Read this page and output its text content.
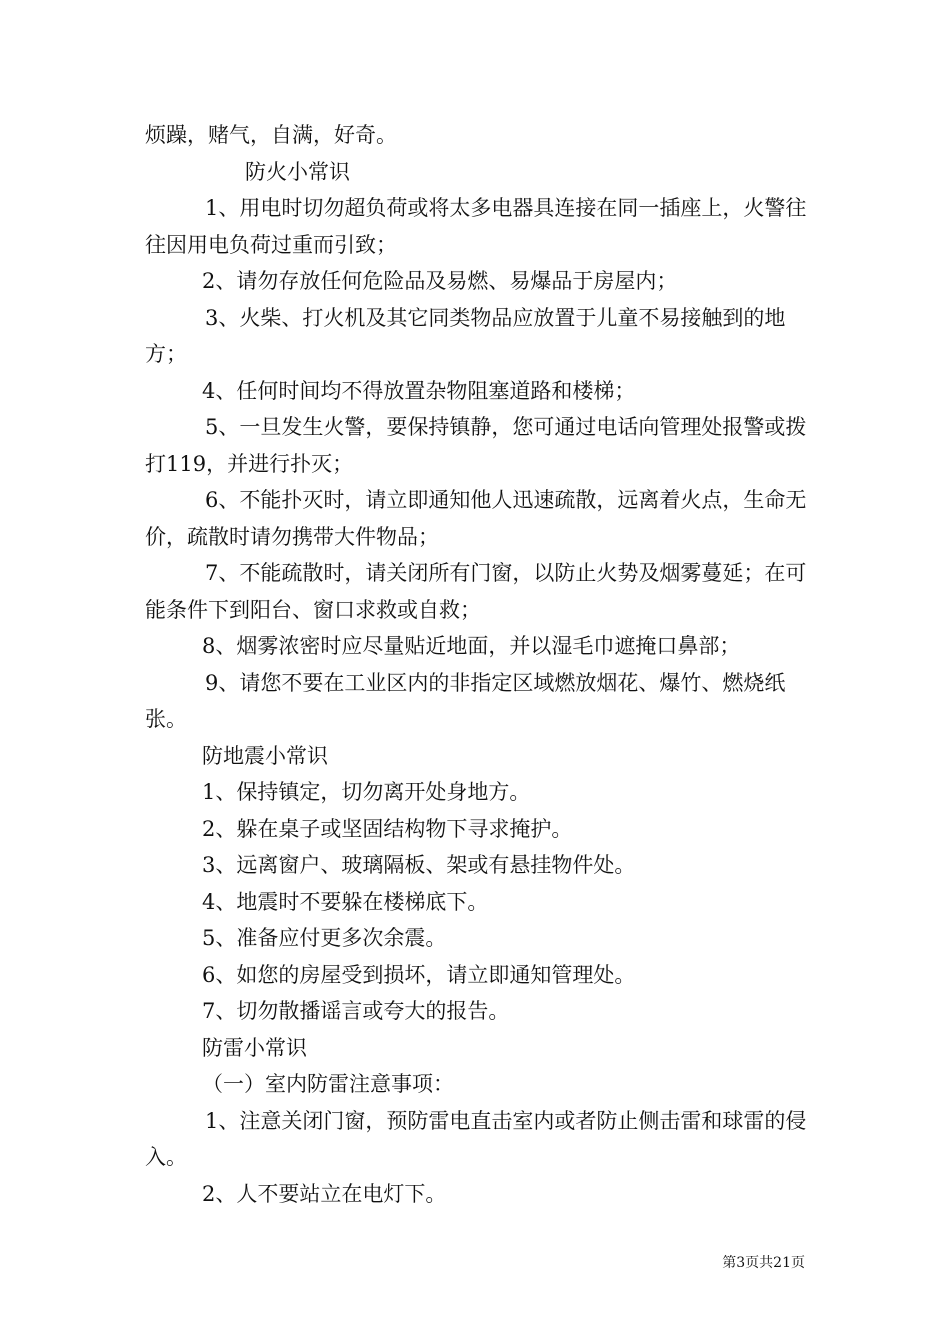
烦躁，赌气，自满，好奇。

防火小常识

1、用电时切勿超负荷或将太多电器具连接在同一插座上，火警往往因用电负荷过重而引致；

2、请勿存放任何危险品及易燃、易爆品于房屋内；

3、火柴、打火机及其它同类物品应放置于儿童不易接触到的地方；

4、任何时间均不得放置杂物阻塞道路和楼梯；

5、一旦发生火警，要保持镇静，您可通过电话向管理处报警或拨打119，并进行扑灭；

6、不能扑灭时，请立即通知他人迅速疏散，远离着火点，生命无价，疏散时请勿携带大件物品；

7、不能疏散时，请关闭所有门窗，以防止火势及烟雾蔓延；在可能条件下到阳台、窗口求救或自救；

8、烟雾浓密时应尽量贴近地面，并以湿毛巾遮掩口鼻部；

9、请您不要在工业区内的非指定区域燃放烟花、爆竹、燃烧纸张。

防地震小常识

1、保持镇定，切勿离开处身地方。

2、躲在桌子或坚固结构物下寻求掩护。

3、远离窗户、玻璃隔板、架或有悬挂物件处。

4、地震时不要躲在楼梯底下。

5、准备应付更多次余震。

6、如您的房屋受到损坏，请立即通知管理处。

7、切勿散播谣言或夸大的报告。

防雷小常识

（一）室内防雷注意事项：

1、注意关闭门窗，预防雷电直击室内或者防止侧击雷和球雷的侵入。

2、人不要站立在电灯下。

第3页共21页
